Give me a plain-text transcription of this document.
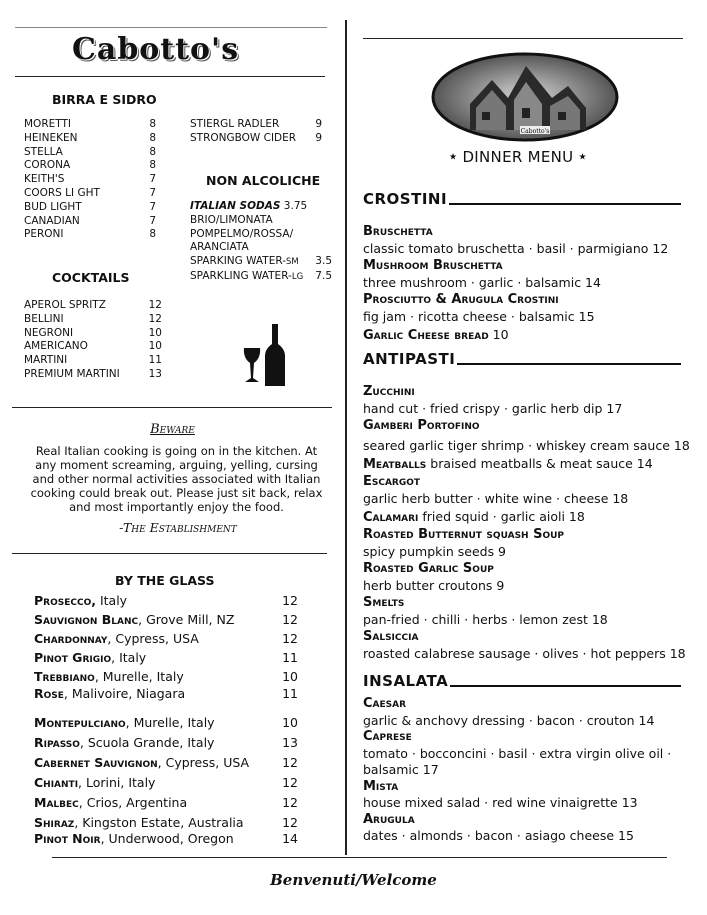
Cabotto's
BIRRA E SIDRO
MORETTI	8
HEINEKEN	8
STELLA	8
CORONA	8
KEITH'S	7
COORS LI GHT	7
BUD LIGHT	7
CANADIAN	7
PERONI	8
STIERGL RADLER	9
STRONGBOW CIDER 9
NON ALCOLICHE
ITALIAN SODAS 3.75
BRIO/LIMONATA
POMPELMO/ROSSA/
ARANCIATA
SPARKING WATER-SM 3.5
SPARKLING WATER-LG 7.5
COCKTAILS
APEROL SPRITZ	12
BELLINI	12
NEGRONI	10
AMERICANO	10
MARTINI	11
PREMIUM MARTINI	13
Beware
Real Italian cooking is going on in the kitchen. At any moment screaming, arguing, yelling, cursing and other normal activities associated with Italian cooking could break out. Please just sit back, relax and most importantly enjoy the food.
-The Establishment
BY THE GLASS
Prosecco, Italy	12
Sauvignon Blanc, Grove Mill, NZ	12
Chardonnay, Cypress, USA	12
Pinot Grigio, Italy	11
Trebbiano, Murelle, Italy	10
Rose, Malivoire, Niagara	11
Montepulciano, Murelle, Italy	10
Ripasso, Scuola Grande, Italy	13
Cabernet Sauvignon, Cypress, USA	12
Chianti, Lorini, Italy	12
Malbec, Crios, Argentina	12
Shiraz, Kingston Estate, Australia	12
Pinot Noir, Underwood, Oregon	14
Cabotto's
★ DINNER MENU ★
CROSTINI
Bruschetta
classic tomato bruschetta · basil · parmigiano 12
Mushroom Bruschetta
three mushroom · garlic · balsamic 14
Prosciutto & Arugula Crostini
fig jam · ricotta cheese · balsamic 15
Garlic Cheese bread 10
ANTIPASTI
Zucchini
hand cut · fried crispy · garlic herb dip 17
Gamberi Portofino
seared garlic tiger shrimp · whiskey cream sauce 18
Meatballs braised meatballs & meat sauce 14
Escargot
garlic herb butter · white wine · cheese 18
Calamari fried squid · garlic aioli 18
Roasted Butternut squash Soup
spicy pumpkin seeds 9
Roasted Garlic Soup
herb butter croutons 9
Smelts
pan-fried · chilli · herbs · lemon zest 18
Salsiccia
roasted calabrese sausage · olives · hot peppers 18
INSALATA
Caesar
garlic & anchovy dressing · bacon · crouton 14
Caprese
tomato · bocconcini · basil · extra virgin olive oil ·
balsamic 17
Mista
house mixed salad · red wine vinaigrette 13
Arugula
dates · almonds · bacon · asiago cheese 15
Benvenuti/Welcome
